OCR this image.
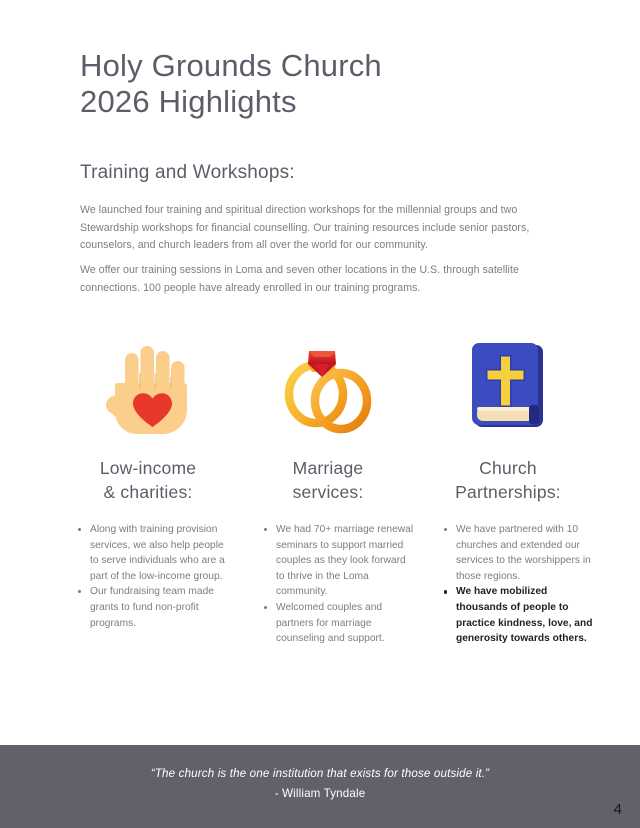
Holy Grounds Church
2026 Highlights
Training and Workshops:
We launched four training and spiritual direction workshops for the millennial groups and two Stewardship workshops for financial counselling. Our training resources include senior pastors, counselors, and church leaders from all over the world for our community.
We offer our training sessions in Loma and seven other locations in the U.S. through satellite connections. 100 people have already enrolled in our training programs.
Low-income
& charities:
Along with training provision services, we also help people to serve individuals who are a part of the low-income group.
Our fundraising team made grants to fund non-profit programs.
Marriage
services:
We had 70+ marriage renewal seminars to support married couples as they look forward to thrive in the Loma community.
Welcomed couples and partners for marriage counseling and support.
Church
Partnerships:
We have partnered with 10 churches and extended our services to the worshippers in those regions.
We have mobilized thousands of people to practice kindness, love, and generosity towards others.
“The church is the one institution that exists for those outside it.”
- William Tyndale
4
